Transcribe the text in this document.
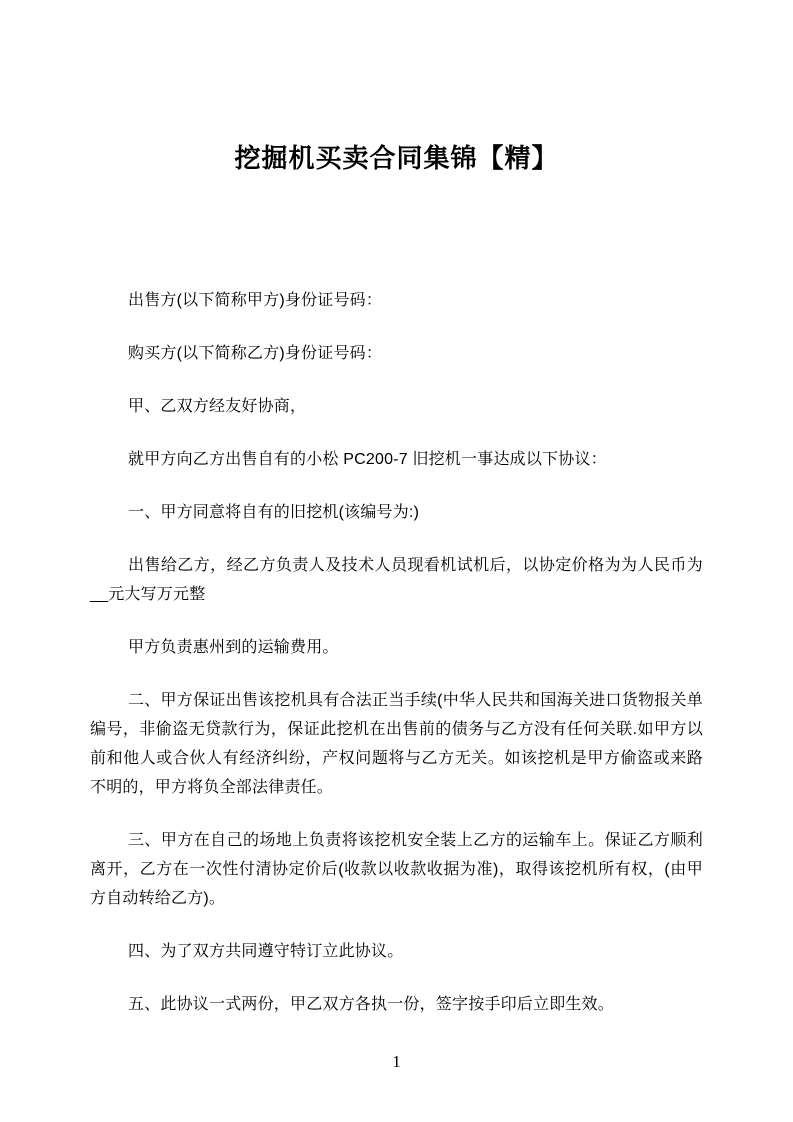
挖掘机买卖合同集锦【精】

出售方(以下简称甲方)身份证号码：

购买方(以下简称乙方)身份证号码：

甲、乙双方经友好协商，

就甲方向乙方出售自有的小松 PC200-7 旧挖机一事达成以下协议：

一、甲方同意将自有的旧挖机(该编号为:)

出售给乙方，经乙方负责人及技术人员现看机试机后，以协定价格为为人民币为__元大写万元整

甲方负责惠州到的运输费用。

二、甲方保证出售该挖机具有合法正当手续(中华人民共和国海关进口货物报关单编号，非偷盗无贷款行为，保证此挖机在出售前的债务与乙方没有任何关联.如甲方以前和他人或合伙人有经济纠纷，产权问题将与乙方无关。如该挖机是甲方偷盗或来路不明的，甲方将负全部法律责任。

三、甲方在自己的场地上负责将该挖机安全装上乙方的运输车上。保证乙方顺利离开，乙方在一次性付清协定价后(收款以收款收据为准)，取得该挖机所有权，(由甲方自动转给乙方)。

四、为了双方共同遵守特订立此协议。

五、此协议一式两份，甲乙双方各执一份，签字按手印后立即生效。

1
